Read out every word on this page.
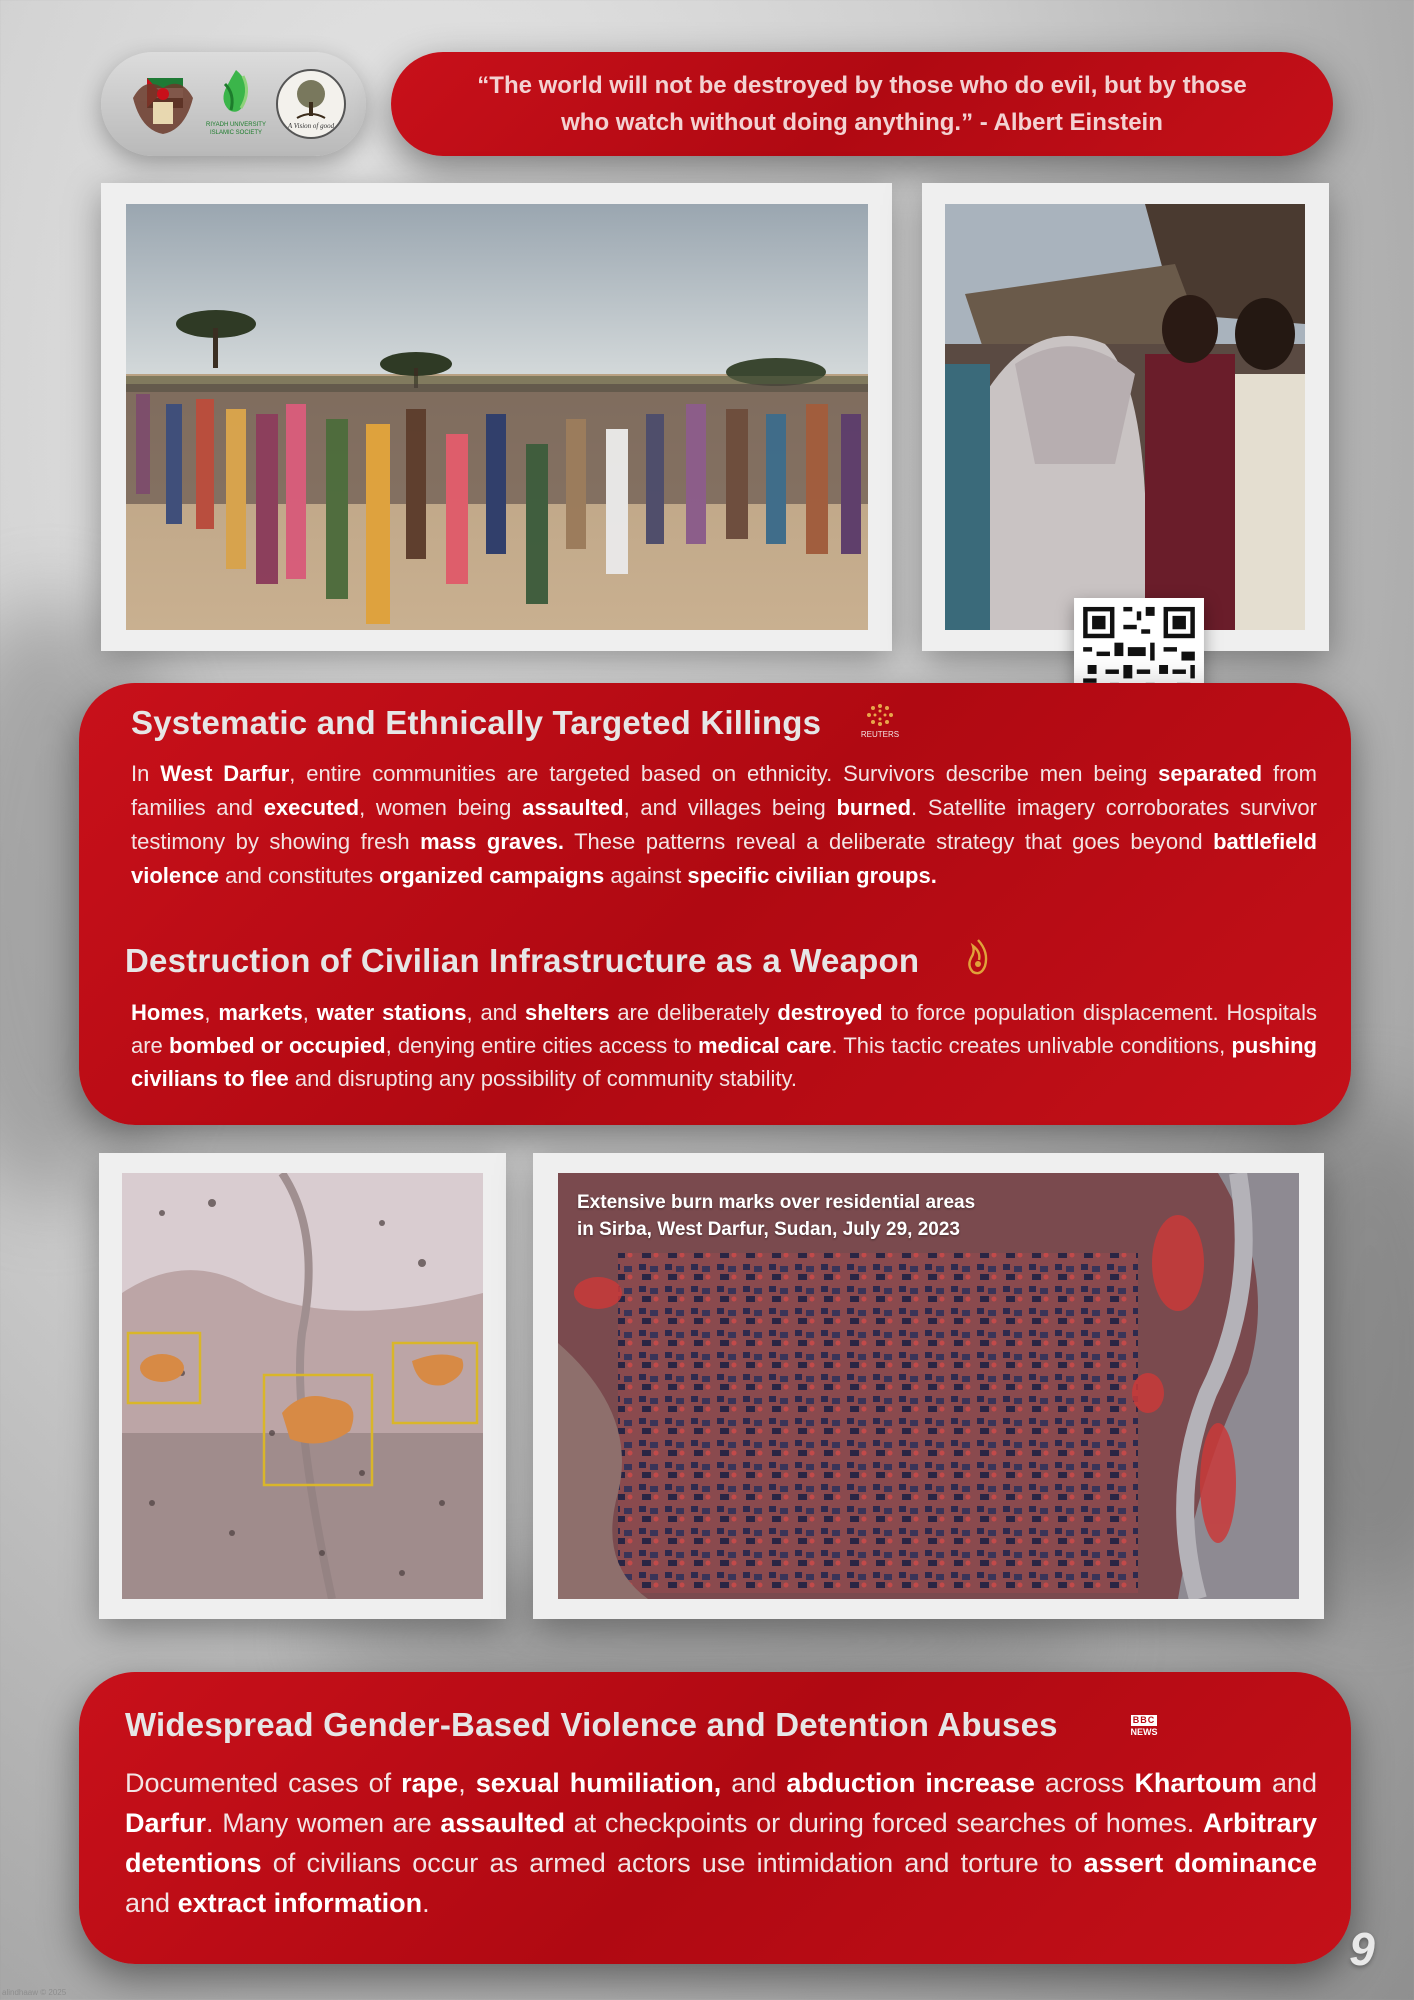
RIYADH UNIVERSITY
ISLAMIC SOCIETY
A Vision of good
“The world will not be destroyed by those who do evil, but by those who watch without doing anything.” - Albert Einstein
Systematic and Ethnically Targeted Killings	REUTERS

In West Darfur, entire communities are targeted based on ethnicity. Survivors describe men being separated from families and executed, women being assaulted, and villages being burned. Satellite imagery corroborates survivor testimony by showing fresh mass graves. These patterns reveal a deliberate strategy that goes beyond battlefield violence and constitutes organized campaigns against specific civilian groups.

Destruction of Civilian Infrastructure as a Weapon

Homes, markets, water stations, and shelters are deliberately destroyed to force population displacement. Hospitals are bombed or occupied, denying entire cities access to medical care. This tactic creates unlivable conditions, pushing civilians to flee and disrupting any possibility of community stability.

Extensive burn marks over residential areas
in Sirba, West Darfur, Sudan, July 29, 2023
Widespread Gender-Based Violence and Detention Abuses	BBC
NEWS

Documented cases of rape, sexual humiliation, and abduction increase across Khartoum and Darfur. Many women are assaulted at checkpoints or during forced searches of homes. Arbitrary detentions of civilians occur as armed actors use intimidation and torture to assert dominance and extract information.

9
alindhaaw © 2025
